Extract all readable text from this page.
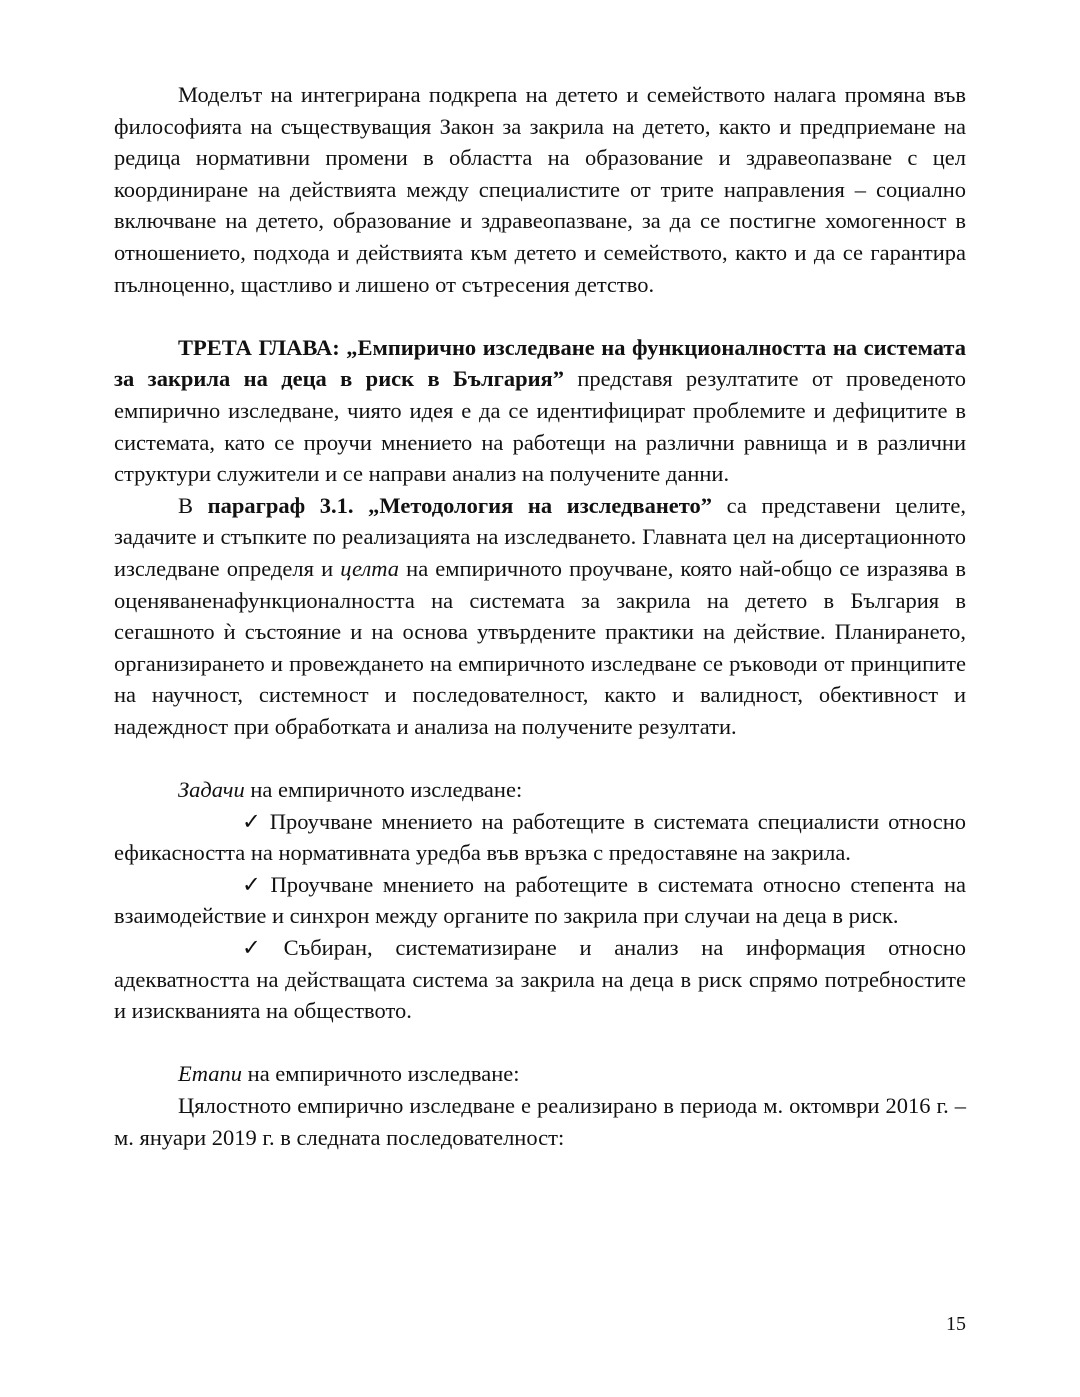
Моделът на интегрирана подкрепа на детето и семейството налага промяна във философията на съществуващия Закон за закрила на детето, както и предприемане на редица нормативни промени в областта на образование и здравеопазване с цел координиране на действията между специалистите от трите направления – социално включване на детето, образование и здравеопазване, за да се постигне хомогенност в отношението, подхода и действията към детето и семейството, както и да се гарантира пълноценно, щастливо и лишено от сътресения детство.

ТРЕТА ГЛАВА: „Емпирично изследване на функционалността на системата за закрила на деца в риск в България” представя резултатите от проведеното емпирично изследване, чиято идея е да се идентифицират проблемите и дефицитите в системата, като се проучи мнението на работещи на различни равнища и в различни структури служители и се направи анализ на получените данни.

В параграф 3.1. „Методология на изследването” са представени целите, задачите и стъпките по реализацията на изследването. Главната цел на дисертационното изследване определя и целта на емпиричното проучване, която най-общо се изразява в оценяваненафункционалността на системата за закрила на детето в България в сегашното ѝ състояние и на основа утвърдените практики на действие. Планирането, организирането и провеждането на емпиричното изследване се ръководи от принципите на научност, системност и последователност, както и валидност, обективност и надеждност при обработката и анализа на получените резултати.

Задачи на емпиричното изследване:

✓ Проучване мнението на работещите в системата специалисти относно ефикасността на нормативната уредба във връзка с предоставяне на закрила.

✓ Проучване мнението на работещите в системата относно степента на взаимодействие и синхрон между органите по закрила при случаи на деца в риск.

✓ Събиран, систематизиране и анализ на информация относно адекватността на действащата система за закрила на деца в риск спрямо потребностите и изискванията на обществото.

Етапи на емпиричното изследване:

Цялостното емпирично изследване е реализирано в периода м. октомври 2016 г. – м. януари 2019 г. в следната последователност:

15
